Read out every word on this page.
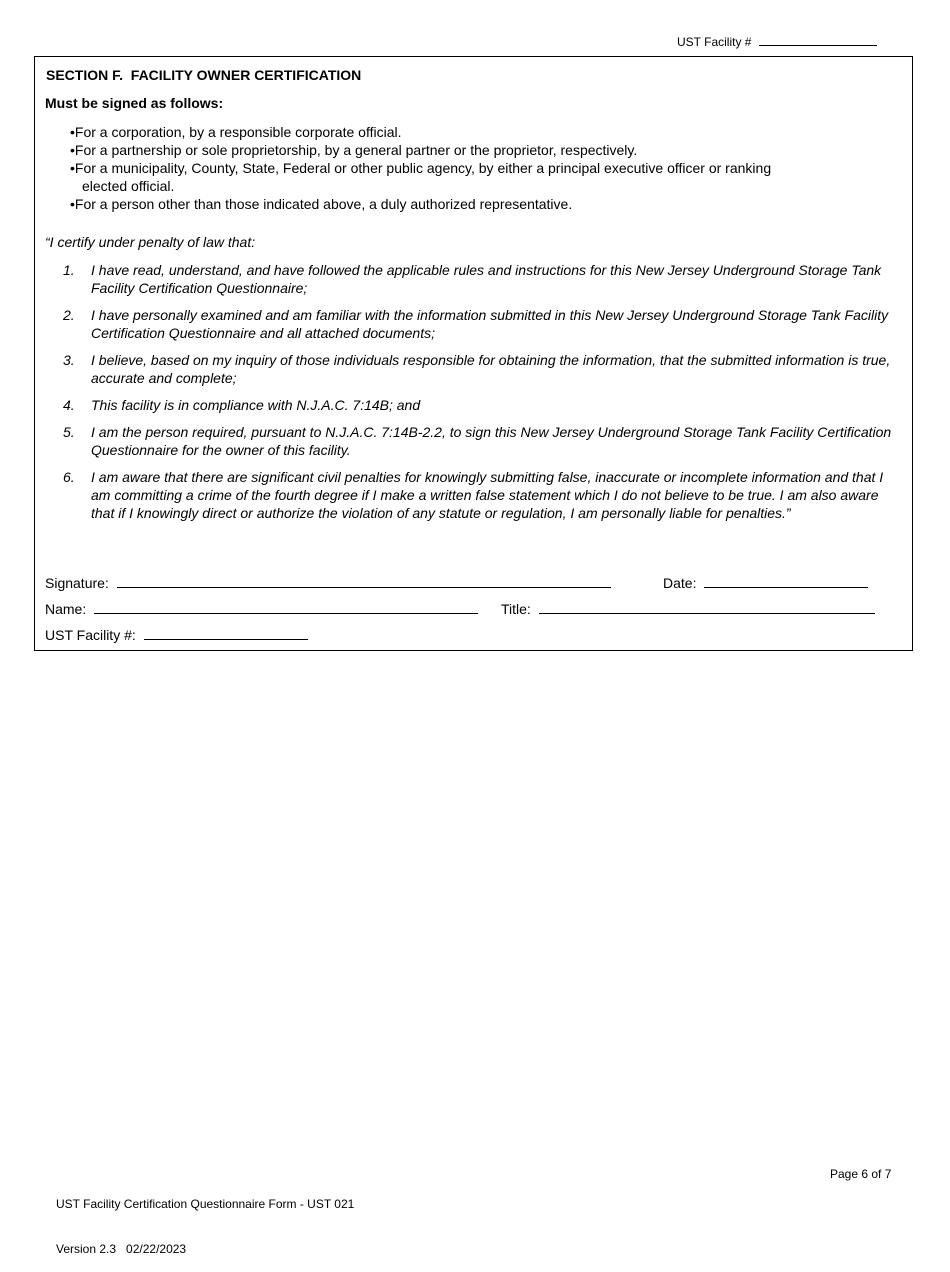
UST Facility #
SECTION F.  FACILITY OWNER CERTIFICATION
Must be signed as follows:
•For a corporation, by a responsible corporate official.
•For a partnership or sole proprietorship, by a general partner or the proprietor, respectively.
•For a municipality, County, State, Federal or other public agency, by either a principal executive officer or ranking
elected official.
•For a person other than those indicated above, a duly authorized representative.
“I certify under penalty of law that:
1. I have read, understand, and have followed the applicable rules and instructions for this New Jersey Underground Storage Tank Facility Certification Questionnaire;
2. I have personally examined and am familiar with the information submitted in this New Jersey Underground Storage Tank Facility Certification Questionnaire and all attached documents;
3. I believe, based on my inquiry of those individuals responsible for obtaining the information, that the submitted information is true, accurate and complete;
4. This facility is in compliance with N.J.A.C. 7:14B; and
5. I am the person required, pursuant to N.J.A.C. 7:14B-2.2, to sign this New Jersey Underground Storage Tank Facility Certification Questionnaire for the owner of this facility.
6. I am aware that there are significant civil penalties for knowingly submitting false, inaccurate or incomplete information and that I am committing a crime of the fourth degree if I make a written false statement which I do not believe to be true. I am also aware that if I knowingly direct or authorize the violation of any statute or regulation, I am personally liable for penalties.”
Signature:	Date:
Name:	Title:
UST Facility #:

UST Facility Certification Questionnaire Form - UST 021

Version 2.3   02/22/2023

Page 6 of 7
